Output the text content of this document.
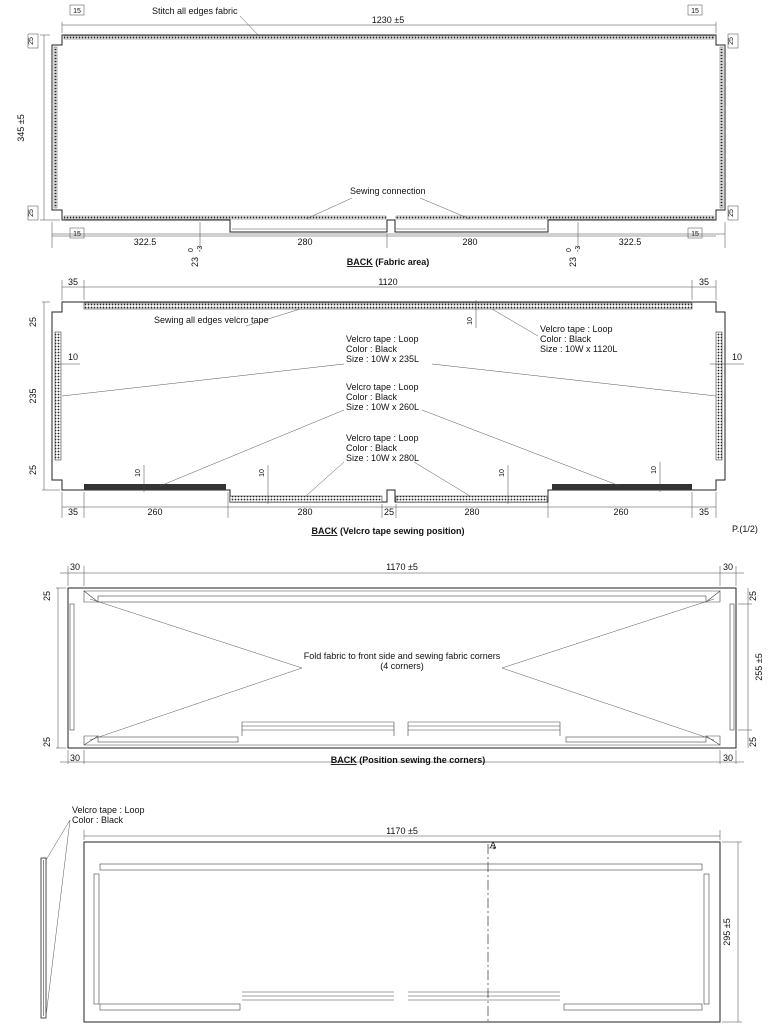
1230 ±5
15	15
Stitch all edges fabric
345 ±5
25
25
25
25
Sewing connection
15	15
322.5	280	280	322.5
23
0 -3
23
0 -3
BACK (Fabric area)
1120
35	35
Sewing all edges velcro tape	10
235
25
25
10	10
Velcro tape : Loop
Color : Black
Size : 10W x 1120L
Velcro tape : Loop
Color : Black
Size : 10W x 235L
Velcro tape : Loop
Color : Black
Size : 10W x 260L
Velcro tape : Loop
Color : Black
Size : 10W x 280L
10	10	10	10
35	260	280	25	280	260	35
BACK (Velcro tape sewing position)	P.(1/2)
1170 ±5
30	30
25
25
255 ±5
25
25
Fold fabric to front side and sewing fabric corners
(4 corners)
30	30
BACK (Position sewing the corners)
Velcro tape : Loop
Color : Black
A
1170 ±5
295 ±5
